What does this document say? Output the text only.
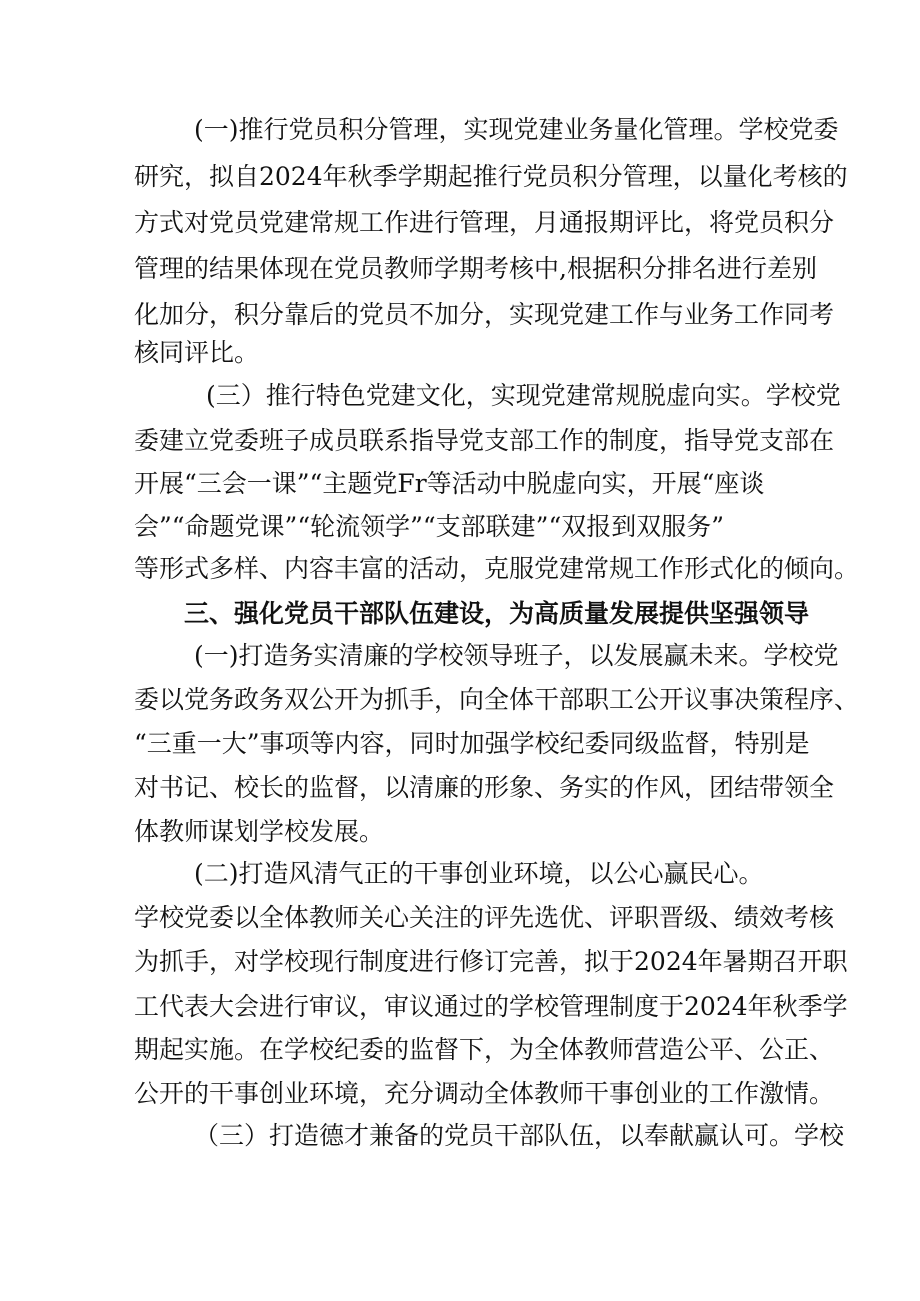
(一)推行党员积分管理，实现党建业务量化管理。学校党委
研究，拟自2024年秋季学期起推行党员积分管理，以量化考核的
方式对党员党建常规工作进行管理，月通报期评比，将党员积分
管理的结果体现在党员教师学期考核中,根据积分排名进行差别
化加分，积分靠后的党员不加分，实现党建工作与业务工作同考
核同评比。
(三）推行特色党建文化，实现党建常规脱虚向实。学校党
委建立党委班子成员联系指导党支部工作的制度，指导党支部在
开展“三会一课”“主题党Fr等活动中脱虚向实，开展“座谈
会”“命题党课”“轮流领学”“支部联建”“双报到双服务”
等形式多样、内容丰富的活动，克服党建常规工作形式化的倾向。
三、强化党员干部队伍建设，为高质量发展提供坚强领导
(一)打造务实清廉的学校领导班子，以发展赢未来。学校党
委以党务政务双公开为抓手，向全体干部职工公开议事决策程序、
“三重一大”事项等内容，同时加强学校纪委同级监督，特别是
对书记、校长的监督，以清廉的形象、务实的作风，团结带领全
体教师谋划学校发展。
(二)打造风清气正的干事创业环境，以公心赢民心。
学校党委以全体教师关心关注的评先选优、评职晋级、绩效考核
为抓手，对学校现行制度进行修订完善，拟于2024年暑期召开职
工代表大会进行审议，审议通过的学校管理制度于2024年秋季学
期起实施。在学校纪委的监督下，为全体教师营造公平、公正、
公开的干事创业环境，充分调动全体教师干事创业的工作激情。
（三）打造德才兼备的党员干部队伍，以奉献赢认可。学校
